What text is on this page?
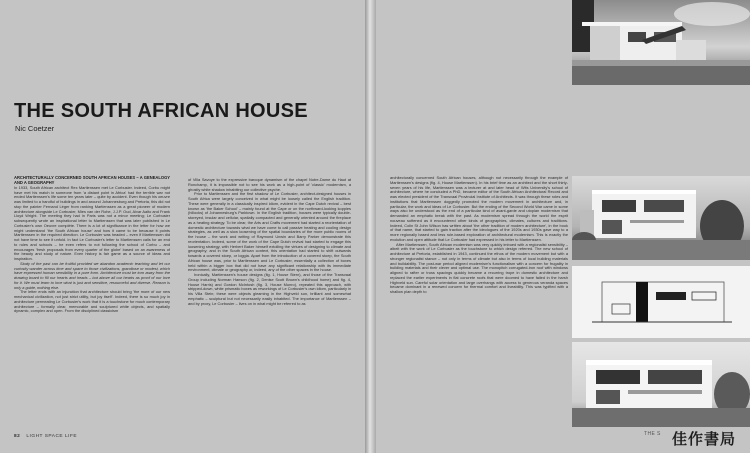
THE SOUTH AFRICAN HOUSE
Nic Coetzer

ARCHITECTURALLY CONCERNED SOUTH AFRICAN HOUSES – A GENEALOGY AND A GEOGRAPHY

In 1933, South African architect Rex Martienssen met Le Corbusier. Indeed, Corbu might have met his match in someone from 'a distant point in Africa' had the terrible war not ended Martienssen's life some ten years later – quite by accident. Even though his oeuvre was limited to a handful of buildings in and around Johannesburg and Pretoria, this did not stop the painter Fernand Léger from ranking Martienssen as a great pioneer of modern architecture alongside Le Corbusier, Mies van der Rohe, J.J.P. Oud, Alvar Aalto and Frank Lloyd Wright. The meeting they had in Paris was not a minor meeting; Le Corbusier subsequently wrote an inspirational letter to Martienssen that was later published in Le Corbusier's own Oeuvre complète. There is a lot of significance in the letter for how we might understand 'the South African house' and how it came to be because it points Martienssen in the required direction. Le Corbusier was headed – even if Martienssen did not have time to see it unfold. In fact Le Corbusier's letter to Martienssen calls for an end to rules and schools – he even refers to not following the school of Corbu – and encourages 'fresh proposals from every quarter of the globe' based on an awareness of the beauty and study of nature. Even history is fair game as a source of ideas and inspiration.

Study of the past can be fruitful provided we abandon academic teaching and let our curiosity wander across time and space to those civilizations, grandiose or modest, which have expressed human sensibility in a pure form. Architecture must be torn away from the drawing board to fill our hearts and heads – but above all our hearts as proof of our love for it. We must learn to love what is just and sensitive, resourceful and diverse. Reason is only a guide, nothing else.

The letter ends with an injunction that architecture should bring 'the more of our new mechanical civilization, not just strict utility, but joy itself'. Indeed, there is so much joy in architecture permeating Le Corbusier's work that it is a touchstone for much contemporary architecture – formally clear, memorable and sculptured white objects, and spatially dynamic, complex and open. From the disciplined classicism

of Villa Savoye to the expressive baroque dynamism of the chapel Notre-Dame du Haut at Ronchamp, it is impossible not to see his work as a high-point of 'classic' modernism, a ghostly white shadow inhabiting our collective psyche.

Prior to Martienssen and the first shadow of Le Corbusier, architect-designed houses in South Africa were largely conceived in what might be loosely called the English tradition. These were generally in a classically inspired idiom, evident in the Cape Dutch revival – best known as 'the Baker School' – mainly found at the Cape or on the northward-looking koppies (hillocks) of Johannesburg's Parktown. In the English tradition, houses were typically double-storeyed, insular and cellular, spatially compacted and generally oriented around the fireplace as a heating strategy. To be clear, the Arts and Crafts movement had started a reorientation of domestic architecture towards what we have come to call passive heating and cooling design strategies, as well as a slow loosening of the spatial boundaries of the more public rooms of the house – the work and writing of Raymond Unwin and Barry Parker demonstrate this reorientation. Indeed, some of the work of the Cape Dutch revival had started to engage this loosening strategy, with Herbert Baker himself extolling the virtues of designing to climate and geography; and in the South African context, this orientation had started to shift outwards towards a covered stoep, or loggia. Apart from the introduction of a covered stoep, the South African house was, prior to Martienssen and Le Corbusier, essentially a collection of boxes held within a bigger box that did not have any significant relationship with its immediate environment, climate or geography or, indeed, any of the other spaces in the house.

Ironically, Martienssen's house designs (fig. 1, House Stern), and those of the Transvaal Group including Norman Hanson (fig. 2, Denise Scott Brown's childhood home) and fig. 4, House Harris) and Gordon McIntosh (fig. 3, House Munro), repeated this approach, with stripped-down, white prismatic boxes as reworkings of Le Corbusier's own idiom, particularly in his Villa Stein; these were objects gleaming in the Highveld sun, brilliant and somewhat emphatic – sculptural but not necessarily easily inhabited. The importance of Martienssen – and by proxy, Le Corbusier – lives on in what might be referred to as

82 LIGHT SPACE LIFE

architecturally concerned South African houses, although not necessarily through the example of Martienssen's designs (fig. 4, House Martienssen). In his brief time as an architect and the short thirty-seven years of his life, Martienssen was a lecturer at and later head of Wits University's school of architecture, where he concluded a PhD, became editor of the South African Architectural Record and was elected president of the Transvaal Provincial Institute of Architects. It was through these roles and institutions that Martienssen doggedly promoted the modern movement in architecture and, in particular, the work and ideas of Le Corbusier. But the ending of the Second World War came in some ways also be understood as the end of a particular kind of avant-garde and utopian modernism that demanded an emphatic break with the past. As modernism spread through the world the esprit nouveau softened as it encountered other kinds of geographies, climates, cultures and traditions. Indeed, Colin St John Wilson has written about 'the other tradition of modern architecture', in the book of that name, that started to gain traction after the ideologues of the 1920s and 1930s gave way to a more regionally based and less rule-based exploration of architectural modernism. This is exactly the evolution and open attitude that Le Corbusier had expressed in his letter to Martienssen.

After Martienssen, South African modernism was very quickly imbued with a regionalist sensibility – albeit with the work of Le Corbusier as the touchstone to which design referred. The new school of architecture at Pretoria, established in 1943, continued the ethos of the modern movement but with a stronger regionalist stance – not only in terms of climate but also in terms of local building materials and buildability. The post-war period aligned modernism's functionalism with a concern for frugality in building materials and their clever and optimal use. The monopitch corrugated-iron roof with windows aligned to rafter or truss spacings quickly became a recurring trope in domestic architecture and replaced the earlier experiments in flat concrete roofs that were doomed to have failed in the harsh Highveld sun. Careful solar orientation and large overhangs with access to generous veranda spaces became dominant in a renewed concern for thermal comfort and liveability. This was typified with a shallow plan depth to

THE S 佳作書局
